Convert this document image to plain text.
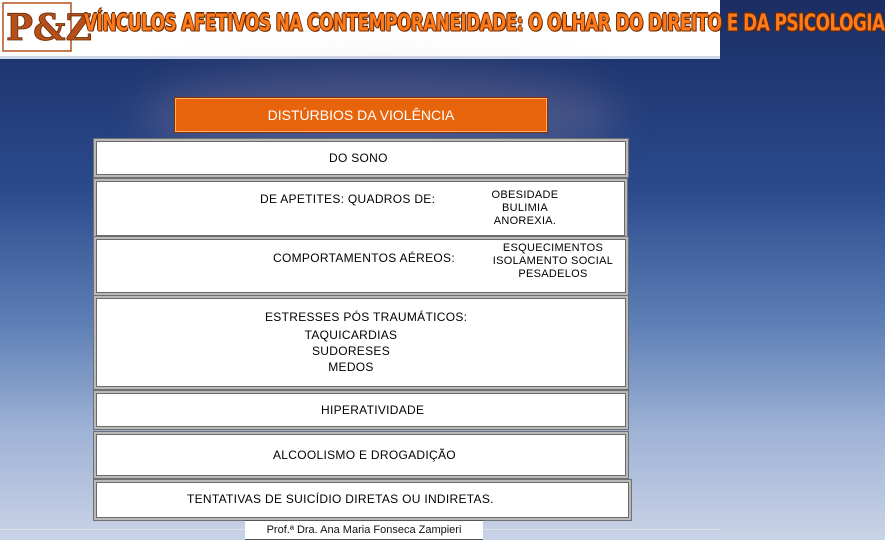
P&Z
VÍNCULOS AFETIVOS NA CONTEMPORANEIDADE: O OLHAR DO DIREITO E DA PSICOLOGIA
DISTÚRBIOS DA VIOLÊNCIA
DO SONO
DE APETITES: QUADROS DE:	OBESIDADE
BULIMIA
ANOREXIA.
COMPORTAMENTOS AÉREOS:
ESQUECIMENTOS
ISOLAMENTO SOCIAL
PESADELOS
ESTRESSES PÓS TRAUMÁTICOS:
TAQUICARDIAS
SUDORESES
MEDOS
HIPERATIVIDADE
ALCOOLISMO E DROGADIÇÃO
TENTATIVAS DE SUICÍDIO DIRETAS OU INDIRETAS.
Prof.ª Dra. Ana Maria Fonseca Zampieri
